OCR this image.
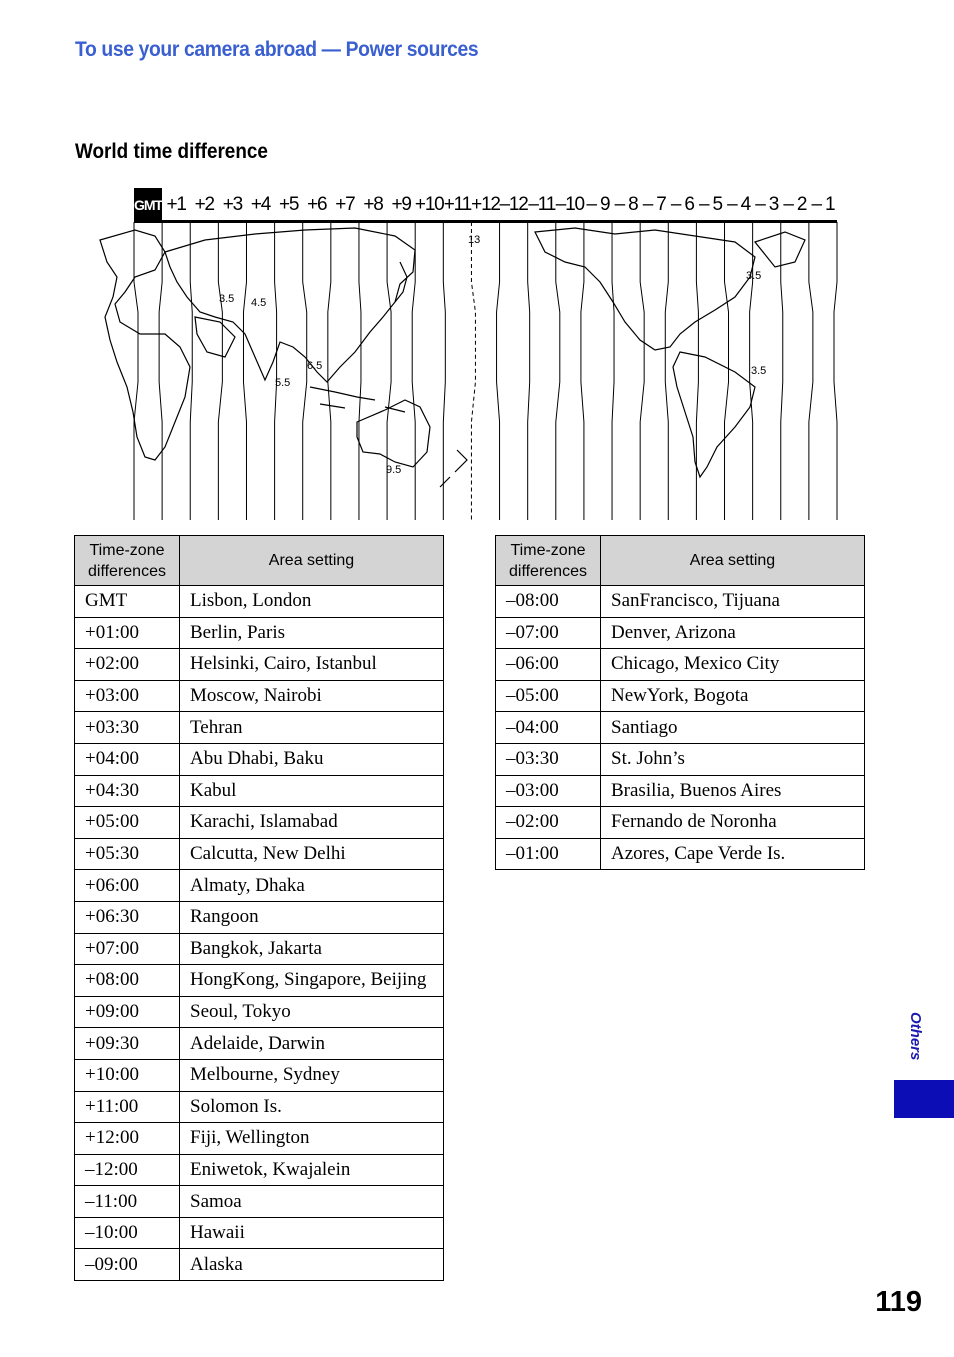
To use your camera abroad — Power sources
World time difference
GMT +1 +2 +3 +4 +5 +6 +7 +8 +9 +10 +11 +12 –12 –11 –10 – 9 – 8 – 7 – 6 – 5 – 4 – 3 – 2 – 1
13
3.5 4.5
5.5
6.5
9.5
3.5
3.5
Time-zone differences	Area setting
GMT	Lisbon, London
+01:00	Berlin, Paris
+02:00	Helsinki, Cairo, Istanbul
+03:00	Moscow, Nairobi
+03:30	Tehran
+04:00	Abu Dhabi, Baku
+04:30	Kabul
+05:00	Karachi, Islamabad
+05:30	Calcutta, New Delhi
+06:00	Almaty, Dhaka
+06:30	Rangoon
+07:00	Bangkok, Jakarta
+08:00	HongKong, Singapore, Beijing
+09:00	Seoul, Tokyo
+09:30	Adelaide, Darwin
+10:00	Melbourne, Sydney
+11:00	Solomon Is.
+12:00	Fiji, Wellington
–12:00	Eniwetok, Kwajalein
–11:00	Samoa
–10:00	Hawaii
–09:00	Alaska
Time-zone differences	Area setting
–08:00	SanFrancisco, Tijuana
–07:00	Denver, Arizona
–06:00	Chicago, Mexico City
–05:00	NewYork, Bogota
–04:00	Santiago
–03:30	St. John’s
–03:00	Brasilia, Buenos Aires
–02:00	Fernando de Noronha
–01:00	Azores, Cape Verde Is.
Others
119
